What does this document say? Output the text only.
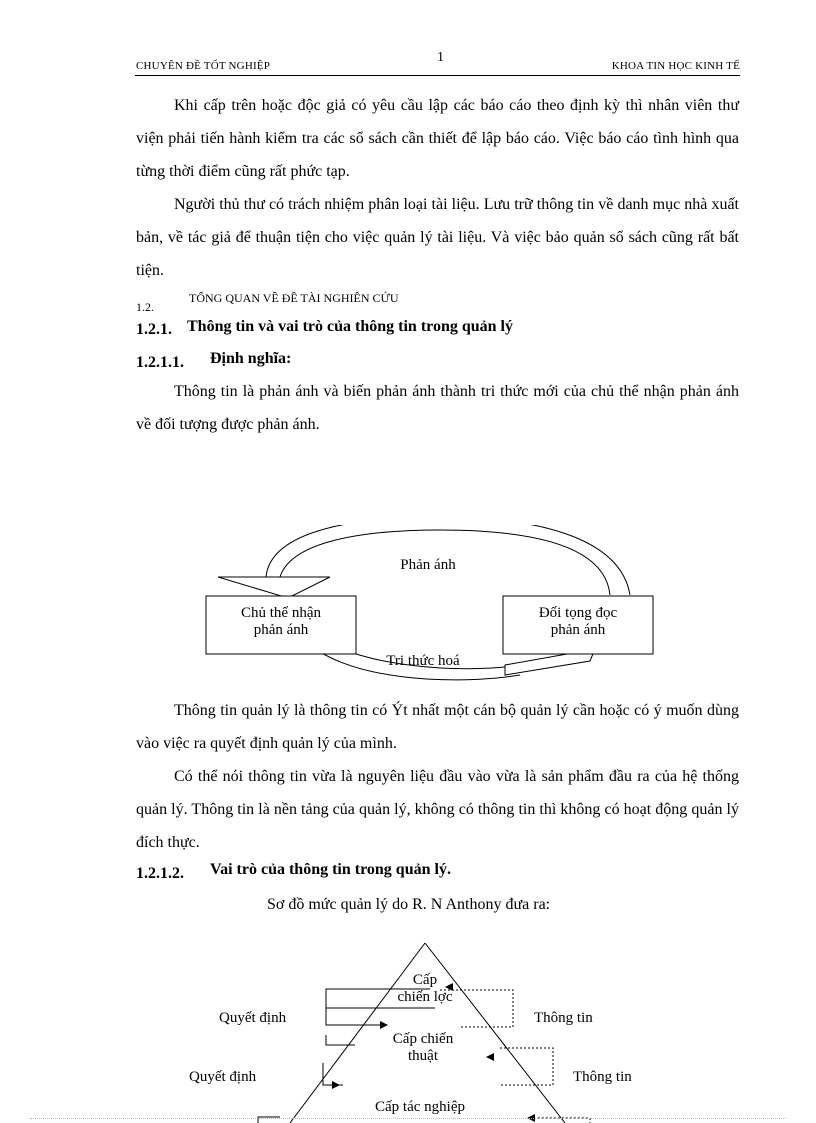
CHUYÊN ĐỀ TỐT NGHIỆP
1
KHOA TIN HỌC KINH TẾ

Khi cấp trên hoặc độc giả có yêu cầu lập các báo cáo theo định kỳ thì nhân viên thư viện phải tiến hành kiểm tra các sổ sách cần thiết để lập báo cáo. Việc báo cáo tình hình qua từng thời điểm cũng rất phức tạp.

Người thủ thư có trách nhiệm phân loại tài liệu. Lưu trữ thông tin về danh mục nhà xuất bản, về tác giả để thuận tiện cho việc quản lý tài liệu. Và việc bảo quản sổ sách cũng rất bất tiện.

1.2.
TỔNG QUAN VỀ ĐỀ TÀI NGHIÊN CỨU
1.2.1. Thông tin và vai trò của thông tin trong quản lý
1.2.1.1. Định nghĩa:

Thông tin là phản ánh và biến phản ánh thành tri thức mới của chủ thể nhận phản ánh về đối tượng được phản ánh.

Phản ánh
Chủ thể nhận
phản ánh
Đối tọng đọc
phản ánh
Tri thức hoá

Thông tin quản lý là thông tin có Ýt nhất một cán bộ quản lý cần hoặc có ý muốn dùng vào việc ra quyết định quản lý của mình.

Có thể nói thông tin vừa là nguyên liệu đầu vào vừa là sản phẩm đầu ra của hệ thống quản lý. Thông tin là nền tảng của quản lý, không có thông tin thì không có hoạt động quản lý đích thực.

1.2.1.2. Vai trò của thông tin trong quản lý.
Sơ đồ mức quản lý do R. N Anthony đưa ra:
Cấp
chiến lợc
Cấp chiến
thuật
Cấp tác nghiệp
Quyết định
Quyết định
Thông tin
Thông tin
